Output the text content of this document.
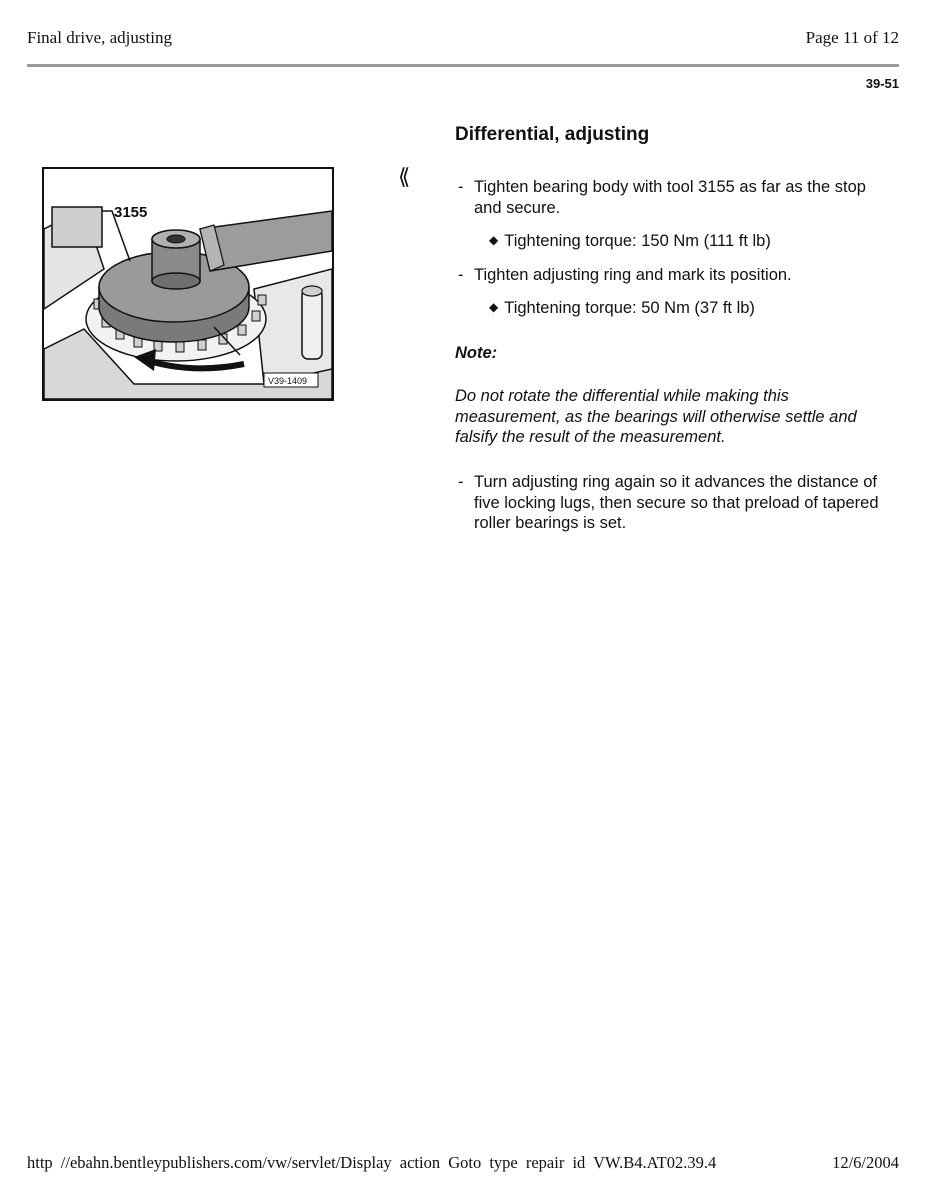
Final drive, adjusting	Page 11 of 12
39-51
Differential, adjusting
3155
V39-1409
⟪	- Tighten bearing body with tool 3155 as far as the stop and secure.
◆ Tightening torque: 150 Nm (111 ft lb)
- Tighten adjusting ring and mark its position.
◆ Tightening torque: 50 Nm (37 ft lb)
Note:
Do not rotate the differential while making this measurement, as the bearings will otherwise settle and falsify the result of the measurement.
- Turn adjusting ring again so it advances the distance of five locking lugs, then secure so that preload of tapered roller bearings is set.
http //ebahn.bentleypublishers.com/vw/servlet/Display action Goto type repair id VW.B4.AT02.39.4	12/6/2004
